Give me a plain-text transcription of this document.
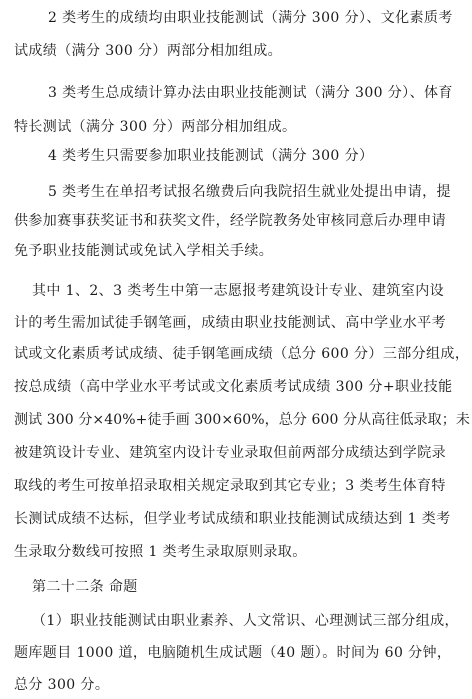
2 类考生的成绩均由职业技能测试（满分 300 分）、文化素质考
试成绩（满分 300 分）两部分相加组成。
3 类考生总成绩计算办法由职业技能测试（满分 300 分）、体育
特长测试（满分 300 分）两部分相加组成。
4 类考生只需要参加职业技能测试（满分 300 分）
5 类考生在单招考试报名缴费后向我院招生就业处提出申请，提
供参加赛事获奖证书和获奖文件，经学院教务处审核同意后办理申请
免予职业技能测试或免试入学相关手续。
其中 1、2、3 类考生中第一志愿报考建筑设计专业、建筑室内设
计的考生需加试徒手钢笔画，成绩由职业技能测试、高中学业水平考
试或文化素质考试成绩、徒手钢笔画成绩（总分 600 分）三部分组成，
按总成绩（高中学业水平考试或文化素质考试成绩 300 分+职业技能
测试 300 分×40%+徒手画 300×60%，总分 600 分从高往低录取；未
被建筑设计专业、建筑室内设计专业录取但前两部分成绩达到学院录
取线的考生可按单招录取相关规定录取到其它专业；3 类考生体育特
长测试成绩不达标，但学业考试成绩和职业技能测试成绩达到 1 类考
生录取分数线可按照 1 类考生录取原则录取。
第二十二条 命题
（1）职业技能测试由职业素养、人文常识、心理测试三部分组成，
题库题目 1000 道，电脑随机生成试题（40 题）。时间为 60 分钟，
总分 300 分。
